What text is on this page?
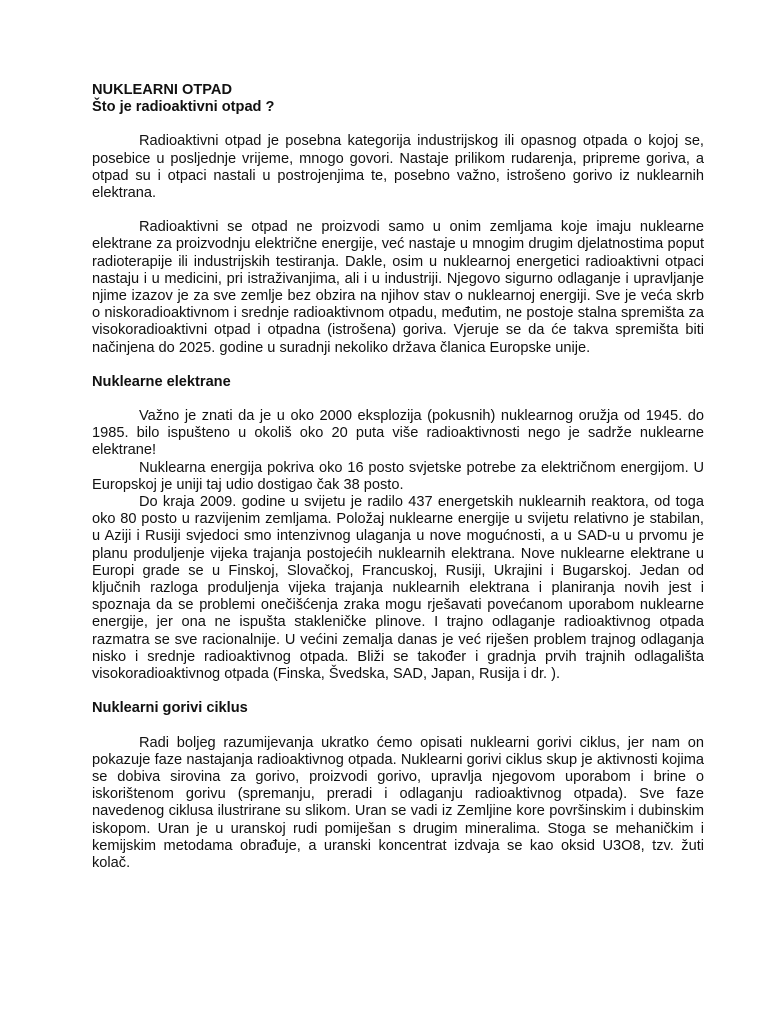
NUKLEARNI OTPAD

Što je radioaktivni otpad ?

Radioaktivni otpad je posebna kategorija industrijskog ili opasnog otpada o kojoj se, posebice u posljednje vrijeme, mnogo govori. Nastaje prilikom rudarenja, pripreme goriva, a otpad su i otpaci nastali u postrojenjima te, posebno važno, istrošeno gorivo iz nuklearnih elektrana.

Radioaktivni se otpad ne proizvodi samo u onim zemljama koje imaju nuklearne elektrane za proizvodnju električne energije, već nastaje u mnogim drugim djelatnostima poput radioterapije ili industrijskih testiranja. Dakle, osim u nuklearnoj energetici radioaktivni otpaci nastaju i u medicini, pri istraživanjima, ali i u industriji. Njegovo sigurno odlaganje i upravljanje njime izazov je za sve zemlje bez obzira na njihov stav o nuklearnoj energiji. Sve je veća skrb o niskoradioaktivnom i srednje radioaktivnom otpadu, međutim, ne postoje stalna spremišta za visokoradioaktivni otpad i otpadna (istrošena) goriva. Vjeruje se da će takva spremišta biti načinjena do 2025. godine u suradnji nekoliko država članica Europske unije.

Nuklearne elektrane

Važno je znati da je u oko 2000 eksplozija (pokusnih) nuklearnog oružja od 1945. do 1985. bilo ispušteno u okoliš oko 20 puta više radioaktivnosti nego je sadrže nuklearne elektrane!

Nuklearna energija pokriva oko 16 posto svjetske potrebe za električnom energijom. U Europskoj je uniji taj udio dostigao čak 38 posto.

Do kraja 2009. godine u svijetu je radilo 437 energetskih nuklearnih reaktora, od toga oko 80 posto u razvijenim zemljama. Položaj nuklearne energije u svijetu relativno je stabilan, u Aziji i Rusiji svjedoci smo intenzivnog ulaganja u nove mogućnosti, a u SAD-u u prvomu je planu produljenje vijeka trajanja postojećih nuklearnih elektrana. Nove nuklearne elektrane u Europi grade se u Finskoj, Slovačkoj, Francuskoj, Rusiji, Ukrajini i Bugarskoj. Jedan od ključnih razloga produljenja vijeka trajanja nuklearnih elektrana i planiranja novih jest i spoznaja da se problemi onečišćenja zraka mogu rješavati povećanom uporabom nuklearne energije, jer ona ne ispušta stakleničke plinove. I trajno odlaganje radioaktivnog otpada razmatra se sve racionalnije. U većini zemalja danas je već riješen problem trajnog odlaganja nisko i srednje radioaktivnog otpada. Bliži se također i gradnja prvih trajnih odlagališta visokoradioaktivnog otpada (Finska, Švedska, SAD, Japan, Rusija i dr. ).

Nuklearni gorivi ciklus

Radi boljeg razumijevanja ukratko ćemo opisati nuklearni gorivi ciklus, jer nam on pokazuje faze nastajanja radioaktivnog otpada. Nuklearni gorivi ciklus skup je aktivnosti kojima se dobiva sirovina za gorivo, proizvodi gorivo, upravlja njegovom uporabom i brine o iskorištenom gorivu (spremanju, preradi i odlaganju radioaktivnog otpada). Sve faze navedenog ciklusa ilustrirane su slikom. Uran se vadi iz Zemljine kore površinskim i dubinskim iskopom. Uran je u uranskoj rudi pomiješan s drugim mineralima. Stoga se mehaničkim i kemijskim metodama obrađuje, a uranski koncentrat izdvaja se kao oksid U3O8, tzv. žuti kolač.
